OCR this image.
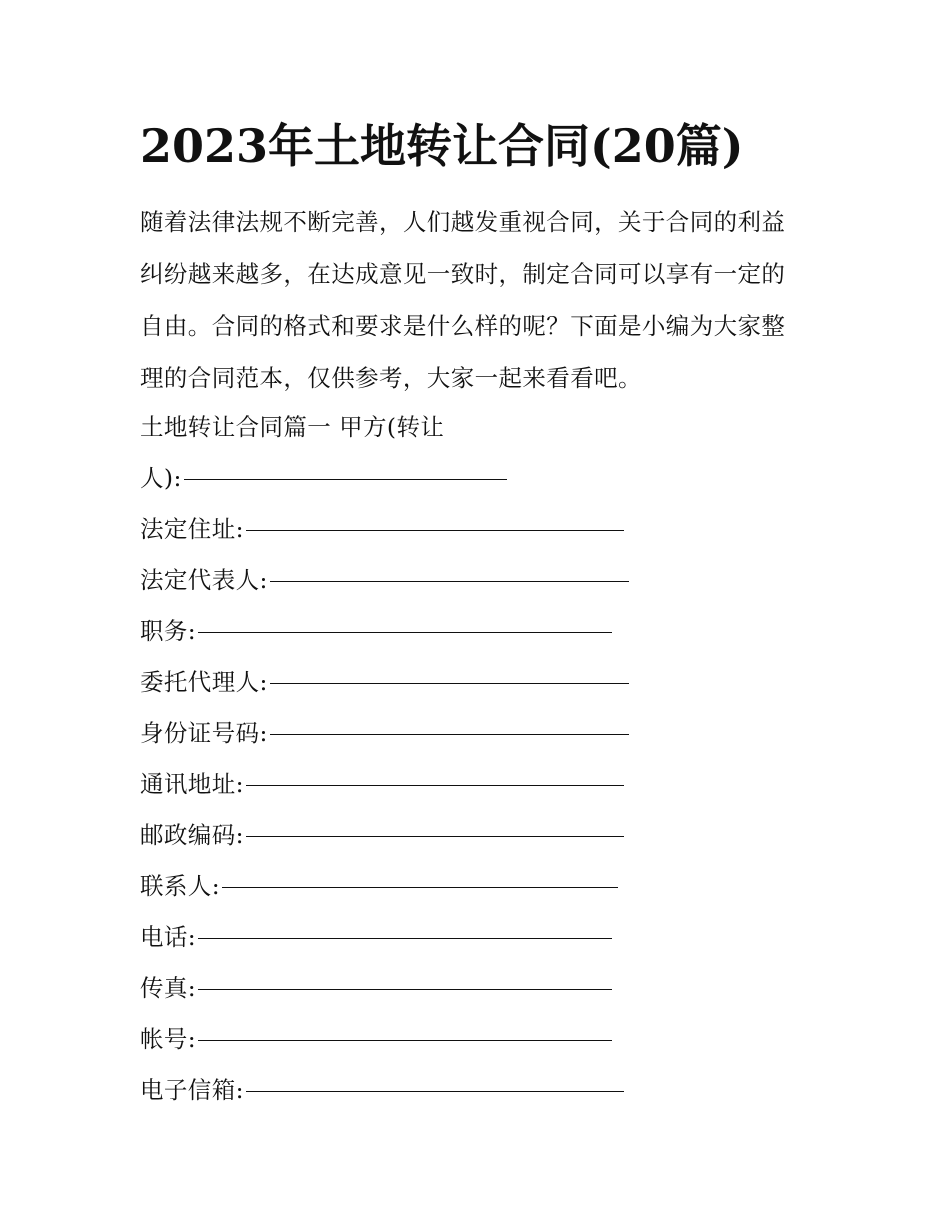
2023年土地转让合同(20篇)
随着法律法规不断完善，人们越发重视合同，关于合同的利益
纠纷越来越多，在达成意见一致时，制定合同可以享有一定的
自由。合同的格式和要求是什么样的呢？下面是小编为大家整
理的合同范本，仅供参考，大家一起来看看吧。
土地转让合同篇一 甲方(转让
人):
法定住址:
法定代表人:
职务:
委托代理人:
身份证号码:
通讯地址:
邮政编码:
联系人:
电话:
传真:
帐号:
电子信箱:
